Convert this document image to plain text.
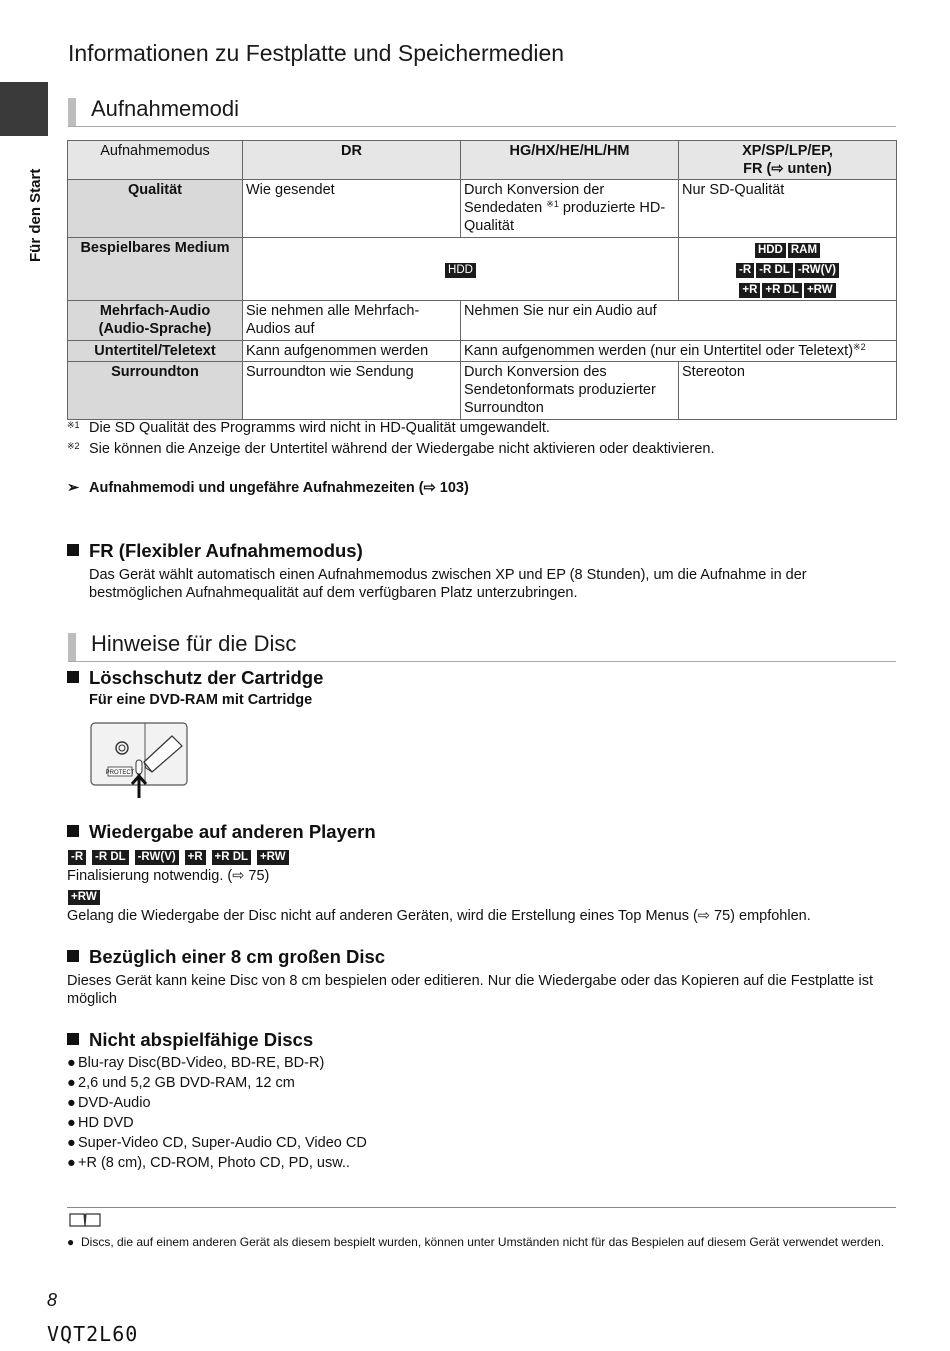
Informationen zu Festplatte und Speichermedien
Für den Start
Aufnahmemodi
Aufnahmemodus	DR	HG/HX/HE/HL/HM	XP/SP/LP/EP,
FR (⇨ unten)
Qualität	Wie gesendet	Durch Konversion der Sendedaten $^{※1}$ produzierte HD-Qualität	Nur SD-Qualität
Bespielbares Medium	HDD		HDD RAM
-R -R DL -RW(V)
+R +R DL +RW

Mehrfach-Audio
(Audio-Sprache)	Sie nehmen alle Mehrfach-Audios auf	Nehmen Sie nur ein Audio auf	
Untertitel/Teletext	Kann aufgenommen werden	Kann aufgenommen werden (nur ein Untertitel oder Teletext)$^{※2}$
Surroundton	Surroundton wie Sendung	Durch Konversion des Sendetonformats produzierter Surroundton	Stereoton
※1 Die SD Qualität des Programms wird nicht in HD-Qualität umgewandelt.
※2 Sie können die Anzeige der Untertitel während der Wiedergabe nicht aktivieren oder deaktivieren.
➢ Aufnahmemodi und ungefähre Aufnahmezeiten (⇨ 103)
FR (Flexibler Aufnahmemodus)
Das Gerät wählt automatisch einen Aufnahmemodus zwischen XP und EP (8 Stunden), um die Aufnahme in der bestmöglichen Aufnahmequalität auf dem verfügbaren Platz unterzubringen.
Hinweise für die Disc
Löschschutz der Cartridge
Für eine DVD-RAM mit Cartridge
PROTECT
Wiedergabe auf anderen Playern
-R -R DL -RW(V) +R +R DL +RW
Finalisierung notwendig. (⇨ 75)
+RW
Gelang die Wiedergabe der Disc nicht auf anderen Geräten, wird die Erstellung eines Top Menus (⇨ 75) empfohlen.
Bezüglich einer 8 cm großen Disc
Dieses Gerät kann keine Disc von 8 cm bespielen oder editieren. Nur die Wiedergabe oder das Kopieren auf die Festplatte ist möglich
Nicht abspielfähige Discs
● Blu-ray Disc(BD-Video, BD-RE, BD-R)
● 2,6 und 5,2 GB DVD-RAM, 12 cm
● DVD-Audio
● HD DVD
● Super-Video CD, Super-Audio CD, Video CD
● +R (8 cm), CD-ROM, Photo CD, PD, usw..
● Discs, die auf einem anderen Gerät als diesem bespielt wurden, können unter Umständen nicht für das Bespielen auf diesem Gerät verwendet werden.
8
VQT2L60
